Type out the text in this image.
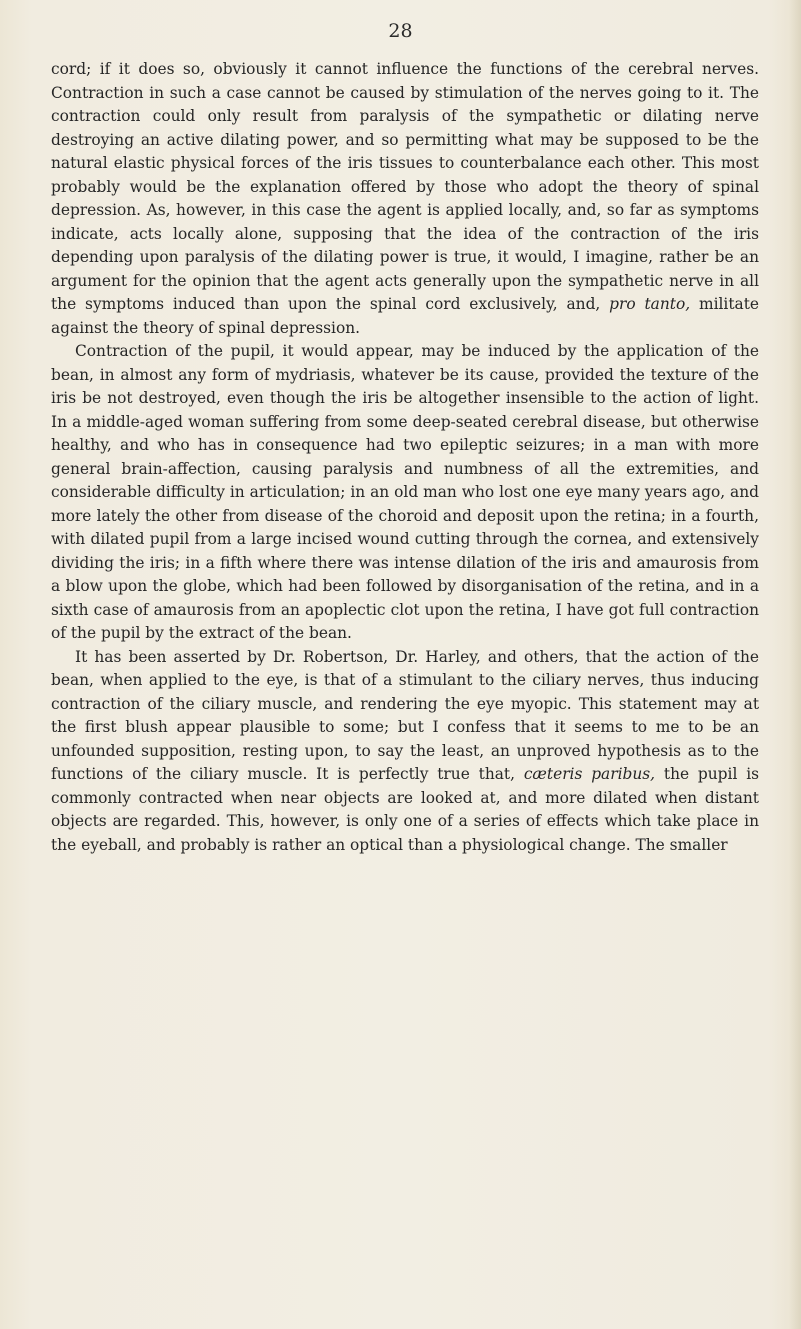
28

cord; if it does so, obviously it cannot influence the functions of the cerebral nerves. Contraction in such a case cannot be caused by stimulation of the nerves going to it. The contraction could only result from paralysis of the sympathetic or dilating nerve destroying an active dilating power, and so permitting what may be supposed to be the natural elastic physical forces of the iris tissues to counterbalance each other. This most probably would be the explanation offered by those who adopt the theory of spinal depression. As, however, in this case the agent is applied locally, and, so far as symptoms indicate, acts locally alone, supposing that the idea of the contraction of the iris depending upon paralysis of the dilating power is true, it would, I imagine, rather be an argument for the opinion that the agent acts generally upon the sympathetic nerve in all the symptoms induced than upon the spinal cord exclusively, and, pro tanto, militate against the theory of spinal depression.

Contraction of the pupil, it would appear, may be induced by the application of the bean, in almost any form of mydriasis, whatever be its cause, provided the texture of the iris be not destroyed, even though the iris be altogether insensible to the action of light. In a middle-aged woman suffering from some deep-seated cerebral disease, but otherwise healthy, and who has in consequence had two epileptic seizures; in a man with more general brain-affection, causing paralysis and numbness of all the extremities, and considerable difficulty in articulation; in an old man who lost one eye many years ago, and more lately the other from disease of the choroid and deposit upon the retina; in a fourth, with dilated pupil from a large incised wound cutting through the cornea, and extensively dividing the iris; in a fifth where there was intense dilation of the iris and amaurosis from a blow upon the globe, which had been followed by disorganisation of the retina, and in a sixth case of amaurosis from an apoplectic clot upon the retina, I have got full contraction of the pupil by the extract of the bean.

It has been asserted by Dr. Robertson, Dr. Harley, and others, that the action of the bean, when applied to the eye, is that of a stimulant to the ciliary nerves, thus inducing contraction of the ciliary muscle, and rendering the eye myopic. This statement may at the first blush appear plausible to some; but I confess that it seems to me to be an unfounded supposition, resting upon, to say the least, an unproved hypothesis as to the functions of the ciliary muscle. It is perfectly true that, cæteris paribus, the pupil is commonly contracted when near objects are looked at, and more dilated when distant objects are regarded. This, however, is only one of a series of effects which take place in the eyeball, and probably is rather an optical than a physiological change. The smaller
